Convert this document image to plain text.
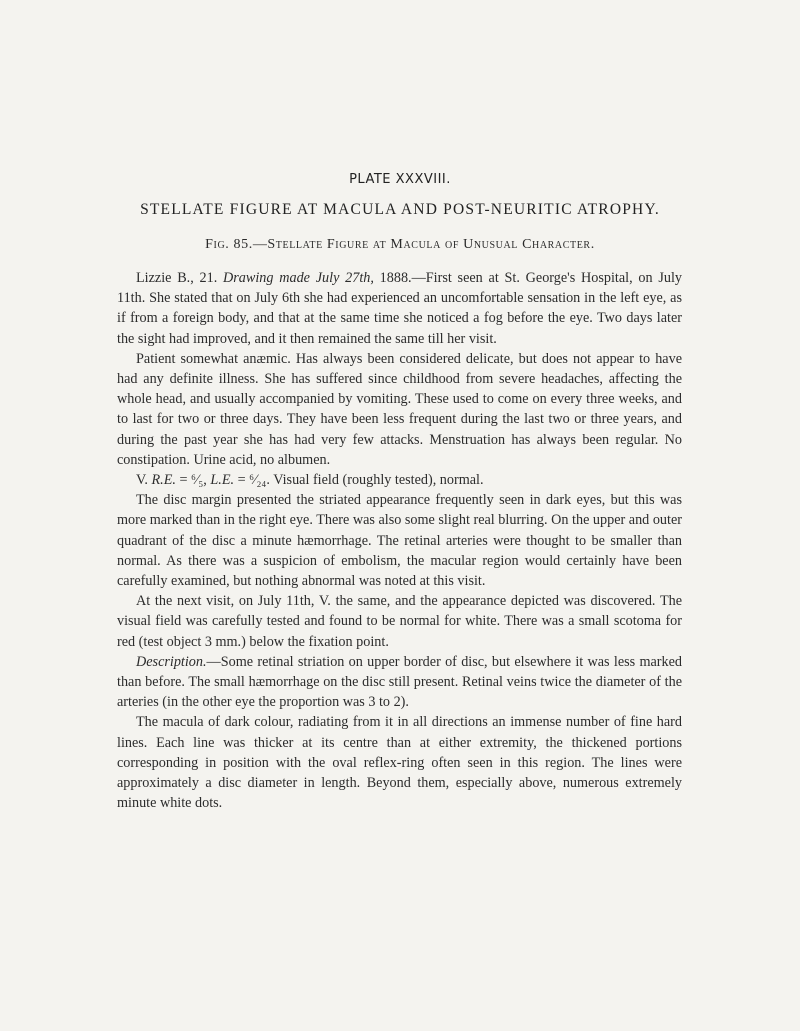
PLATE XXXVIII.
STELLATE FIGURE AT MACULA AND POST-NEURITIC ATROPHY.
Fig. 85.—Stellate Figure at Macula of Unusual Character.

Lizzie B., 21. Drawing made July 27th, 1888.—First seen at St. George's Hospital, on July 11th. She stated that on July 6th she had experienced an uncomfortable sensation in the left eye, as if from a foreign body, and that at the same time she noticed a fog before the eye. Two days later the sight had improved, and it then remained the same till her visit.

Patient somewhat anæmic. Has always been considered delicate, but does not appear to have had any definite illness. She has suffered since childhood from severe headaches, affecting the whole head, and usually accompanied by vomiting. These used to come on every three weeks, and to last for two or three days. They have been less frequent during the last two or three years, and during the past year she has had very few attacks. Menstruation has always been regular. No constipation. Urine acid, no albumen.

V. R.E. = ⁶⁄₅, L.E. = ⁶⁄₂₄. Visual field (roughly tested), normal.

The disc margin presented the striated appearance frequently seen in dark eyes, but this was more marked than in the right eye. There was also some slight real blurring. On the upper and outer quadrant of the disc a minute hæmorrhage. The retinal arteries were thought to be smaller than normal. As there was a suspicion of embolism, the macular region would certainly have been carefully examined, but nothing abnormal was noted at this visit.

At the next visit, on July 11th, V. the same, and the appearance depicted was discovered. The visual field was carefully tested and found to be normal for white. There was a small scotoma for red (test object 3 mm.) below the fixation point.

Description.—Some retinal striation on upper border of disc, but elsewhere it was less marked than before. The small hæmorrhage on the disc still present. Retinal veins twice the diameter of the arteries (in the other eye the proportion was 3 to 2).

The macula of dark colour, radiating from it in all directions an immense number of fine hard lines. Each line was thicker at its centre than at either extremity, the thickened portions corresponding in position with the oval reflex-ring often seen in this region. The lines were approximately a disc diameter in length. Beyond them, especially above, numerous extremely minute white dots.
